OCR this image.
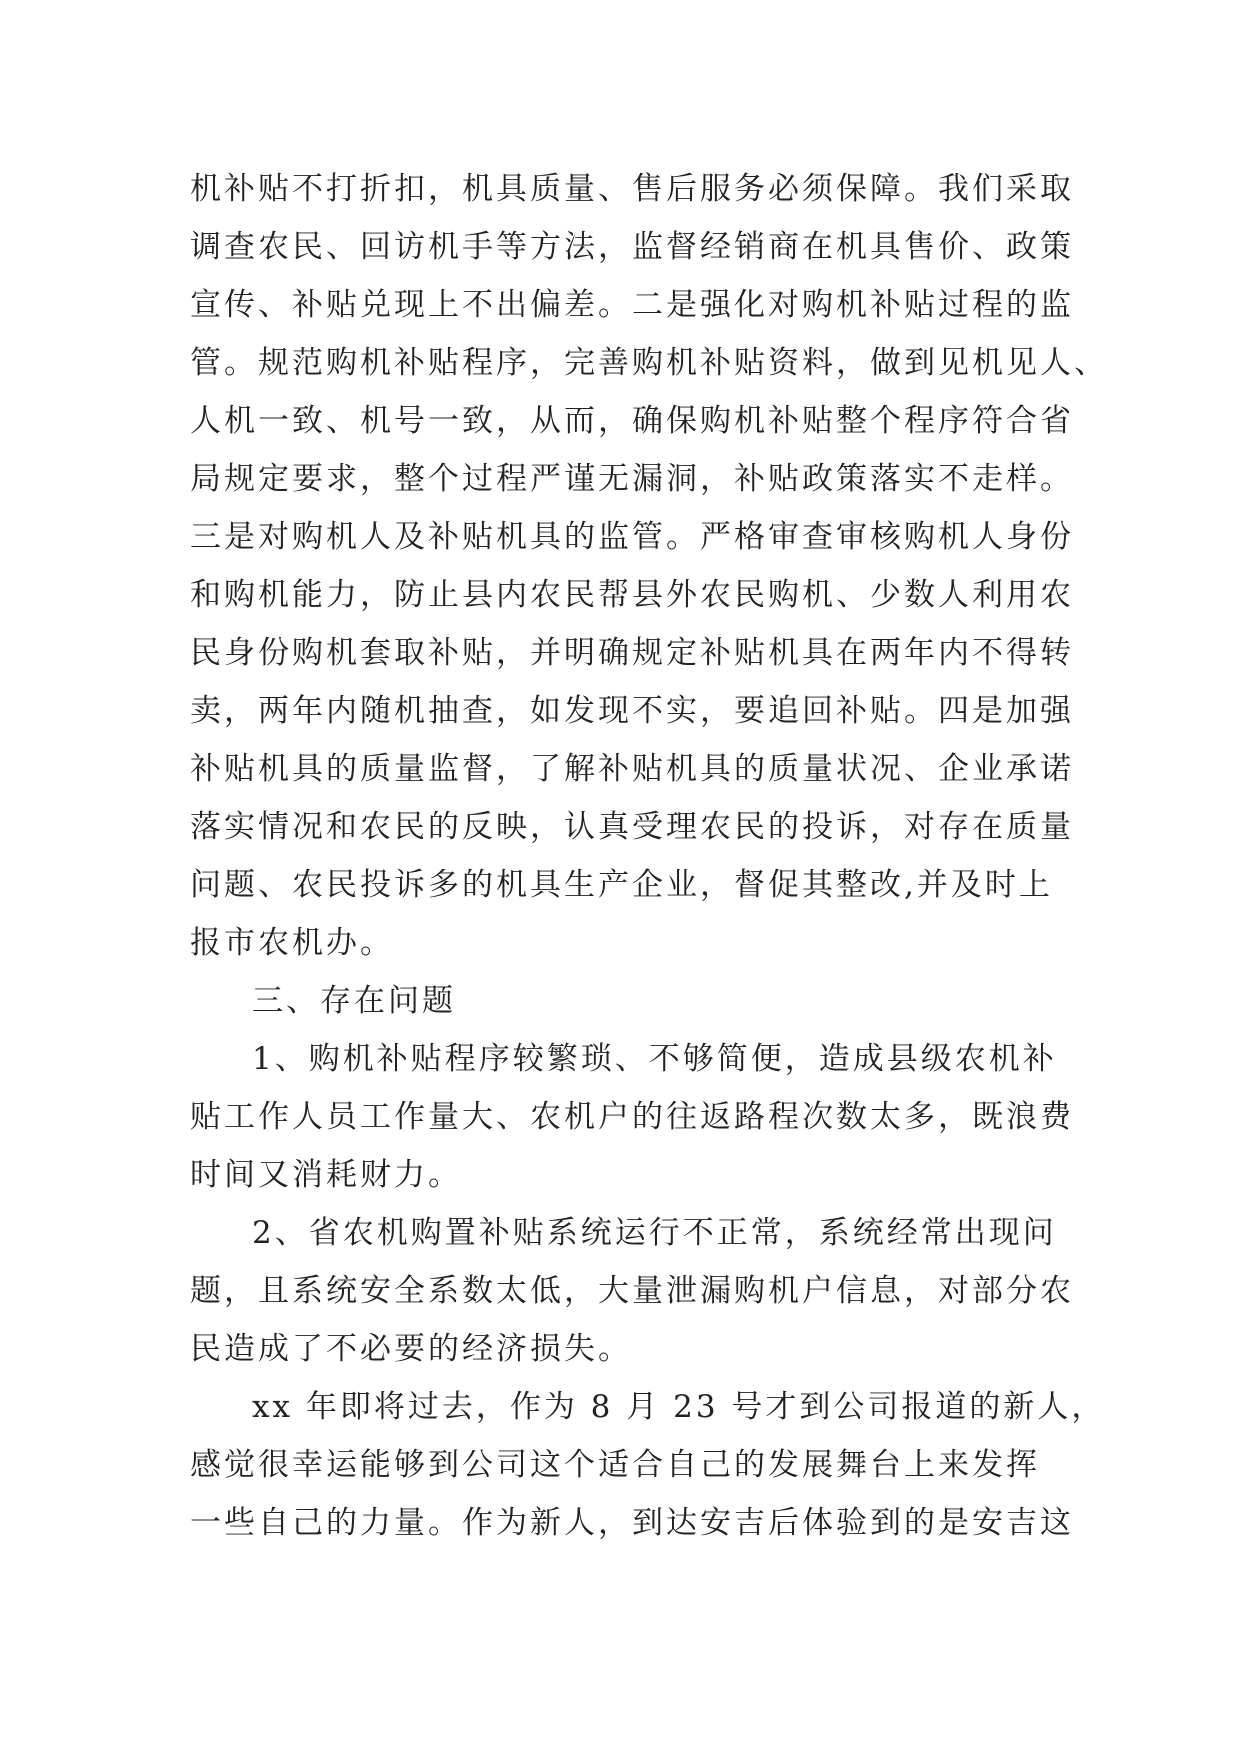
机补贴不打折扣，机具质量、售后服务必须保障。我们采取
调查农民、回访机手等方法，监督经销商在机具售价、政策
宣传、补贴兑现上不出偏差。二是强化对购机补贴过程的监
管。规范购机补贴程序，完善购机补贴资料，做到见机见人、
人机一致、机号一致，从而，确保购机补贴整个程序符合省
局规定要求，整个过程严谨无漏洞，补贴政策落实不走样。
三是对购机人及补贴机具的监管。严格审查审核购机人身份
和购机能力，防止县内农民帮县外农民购机、少数人利用农
民身份购机套取补贴，并明确规定补贴机具在两年内不得转
卖，两年内随机抽查，如发现不实，要追回补贴。四是加强
补贴机具的质量监督，了解补贴机具的质量状况、企业承诺
落实情况和农民的反映，认真受理农民的投诉，对存在质量
问题、农民投诉多的机具生产企业，督促其整改,并及时上
报市农机办。
三、存在问题
1、购机补贴程序较繁琐、不够简便，造成县级农机补
贴工作人员工作量大、农机户的往返路程次数太多，既浪费
时间又消耗财力。
2、省农机购置补贴系统运行不正常，系统经常出现问
题，且系统安全系数太低，大量泄漏购机户信息，对部分农
民造成了不必要的经济损失。
xx 年即将过去，作为 8 月 23 号才到公司报道的新人，
感觉很幸运能够到公司这个适合自己的发展舞台上来发挥
一些自己的力量。作为新人，到达安吉后体验到的是安吉这
